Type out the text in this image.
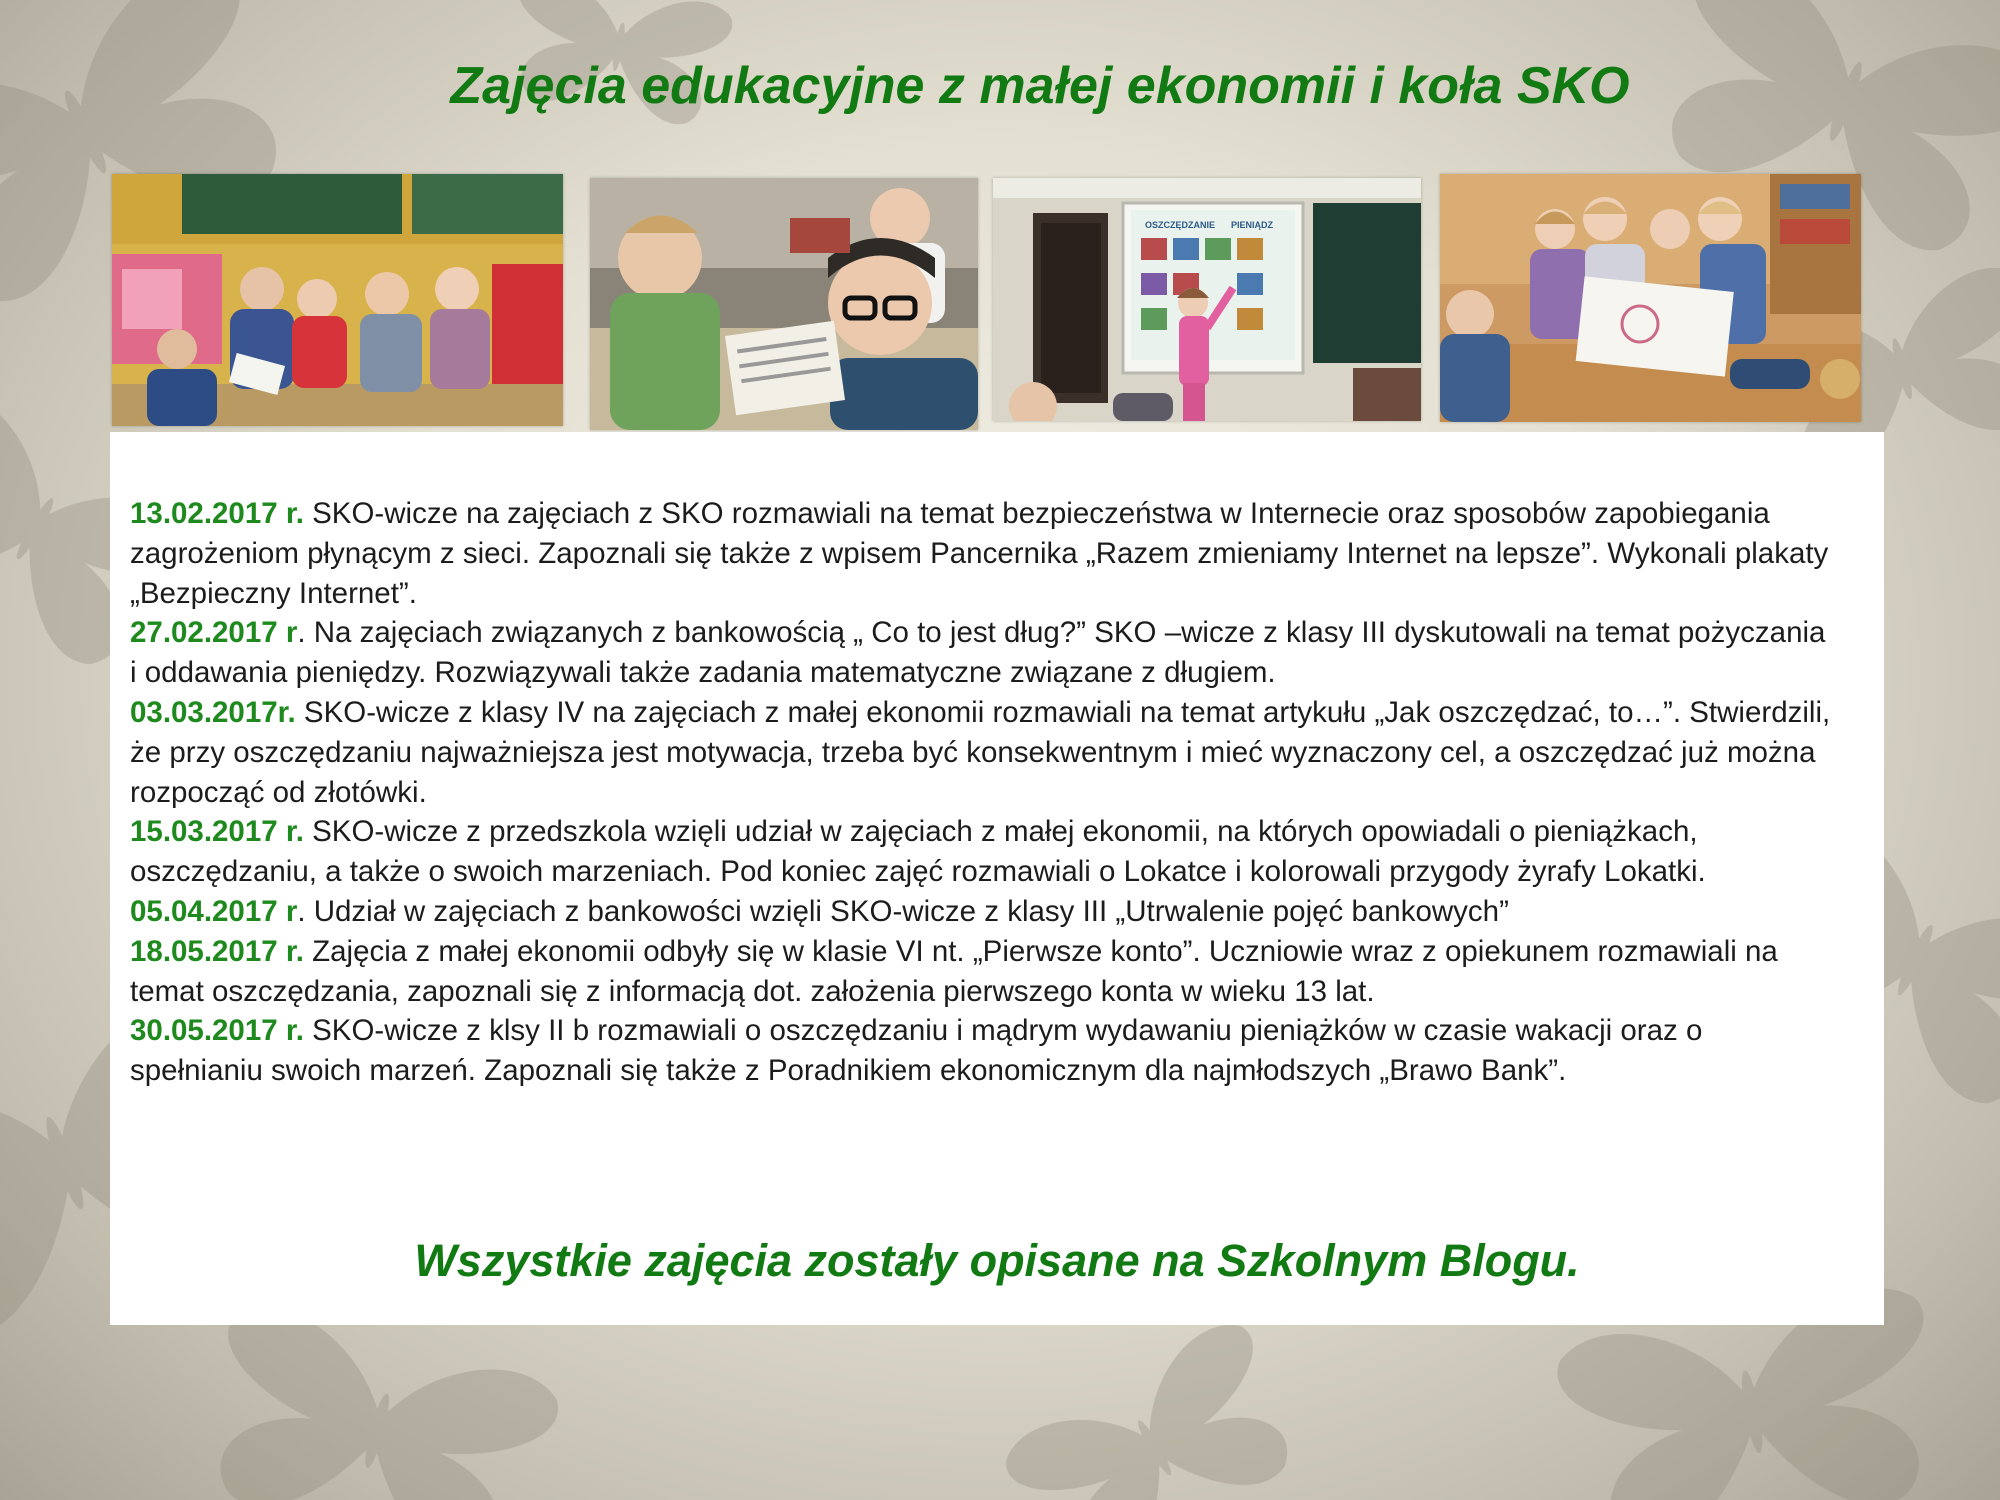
Zajęcia edukacyjne z małej ekonomii i koła SKO
OSZCZĘDZANIE PIENIĄDZ

13.02.2017 r. SKO-wicze na zajęciach z SKO rozmawiali na temat bezpieczeństwa w Internecie oraz sposobów zapobiegania zagrożeniom płynącym z sieci. Zapoznali się także z wpisem Pancernika „Razem zmieniamy Internet na lepsze”. Wykonali plakaty „Bezpieczny Internet”.

27.02.2017 r. Na zajęciach związanych z bankowością „ Co to jest dług?” SKO –wicze z klasy III dyskutowali na temat pożyczania i oddawania pieniędzy. Rozwiązywali także zadania matematyczne związane z długiem.

03.03.2017r. SKO-wicze z klasy IV na zajęciach z małej ekonomii rozmawiali na temat artykułu „Jak oszczędzać, to…”. Stwierdzili, że przy oszczędzaniu najważniejsza jest motywacja, trzeba być konsekwentnym i mieć wyznaczony cel, a oszczędzać już można rozpocząć od złotówki.

15.03.2017 r. SKO-wicze z przedszkola wzięli udział w zajęciach z małej ekonomii, na których opowiadali o pieniążkach, oszczędzaniu, a także o swoich marzeniach. Pod koniec zajęć rozmawiali o Lokatce i kolorowali przygody żyrafy Lokatki.

05.04.2017 r. Udział w zajęciach z bankowości wzięli SKO-wicze z klasy III „Utrwalenie pojęć bankowych”

18.05.2017 r. Zajęcia z małej ekonomii odbyły się w klasie VI nt. „Pierwsze konto”. Uczniowie wraz z opiekunem rozmawiali na temat oszczędzania, zapoznali się z informacją dot. założenia pierwszego konta w wieku 13 lat.

30.05.2017 r. SKO-wicze z klsy II b rozmawiali o oszczędzaniu i mądrym wydawaniu pieniążków w czasie wakacji oraz o spełnianiu swoich marzeń. Zapoznali się także z Poradnikiem ekonomicznym dla najmłodszych „Brawo Bank”.

Wszystkie zajęcia zostały opisane na Szkolnym Blogu.
